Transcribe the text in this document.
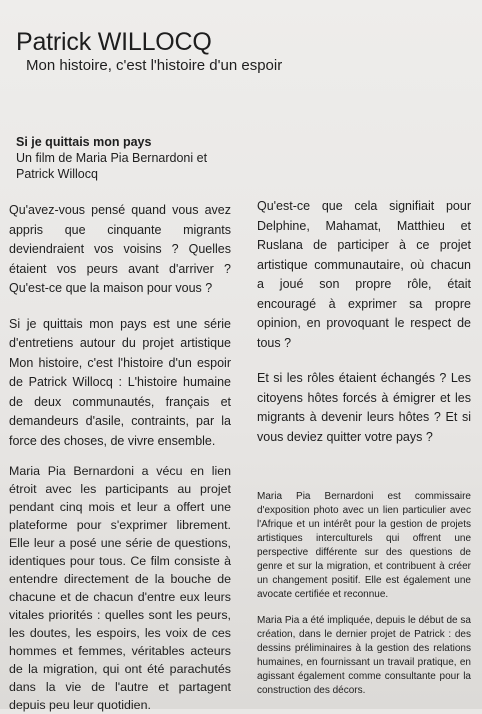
Patrick WILLOCQ
Mon histoire, c'est l'histoire d'un espoir
Si je quittais mon pays
Un film de Maria Pia Bernardoni et
Patrick Willocq

Qu'avez-vous pensé quand vous avez appris que cinquante migrants deviendraient vos voisins ? Quelles étaient vos peurs avant d'arriver ? Qu'est-ce que la maison pour vous ?

Si je quittais mon pays est une série d'entretiens autour du projet artistique Mon histoire, c'est l'histoire d'un espoir de Patrick Willocq : L'histoire humaine de deux communautés, français et demandeurs d'asile, contraints, par la force des choses, de vivre ensemble.

Qu'est-ce que cela signifiait pour Delphine, Mahamat, Matthieu et Ruslana de participer à ce projet artistique communautaire, où chacun a joué son propre rôle, était encouragé à exprimer sa propre opinion, en provoquant le respect de tous ?

Et si les rôles étaient échangés ? Les citoyens hôtes forcés à émigrer et les migrants à devenir leurs hôtes ? Et si vous deviez quitter votre pays ?

Maria Pia Bernardoni a vécu en lien étroit avec les participants au projet pendant cinq mois et leur a offert une plateforme pour s'exprimer librement. Elle leur a posé une série de questions, identiques pour tous. Ce film consiste à entendre directement de la bouche de chacune et de chacun d'entre eux leurs vitales priorités : quelles sont les peurs, les doutes, les espoirs, les voix de ces hommes et femmes, véritables acteurs de la migration, qui ont été parachutés dans la vie de l'autre et partagent depuis peu leur quotidien.

Maria Pia Bernardoni est commissaire d'exposition photo avec un lien particulier avec l'Afrique et un intérêt pour la gestion de projets artistiques interculturels qui offrent une perspective différente sur des questions de genre et sur la migration, et contribuent à créer un changement positif. Elle est également une avocate certifiée et reconnue.

Maria Pia a été impliquée, depuis le début de sa création, dans le dernier projet de Patrick : des dessins préliminaires à la gestion des relations humaines, en fournissant un travail pratique, en agissant également comme consultante pour la construction des décors.
